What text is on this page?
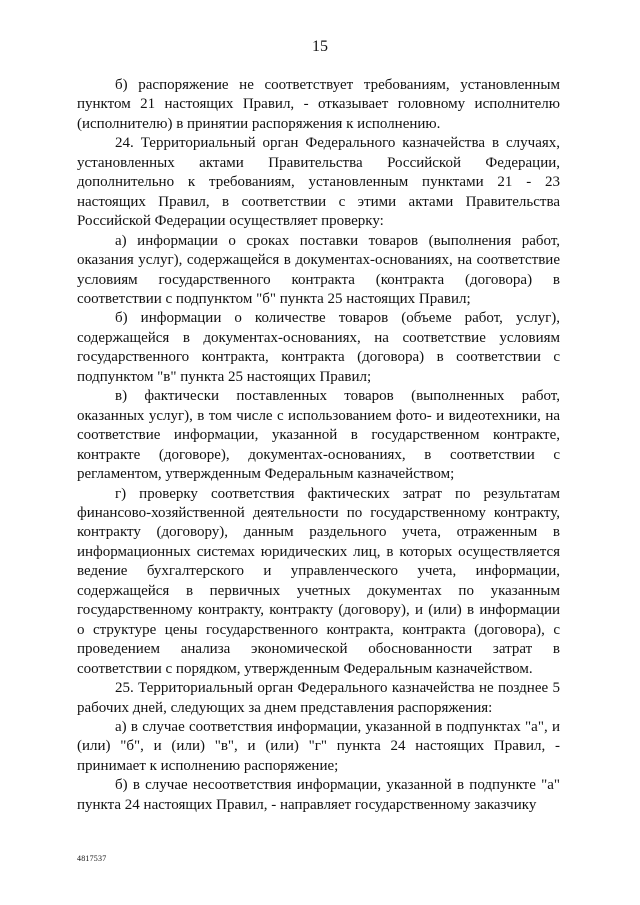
15

б) распоряжение не соответствует требованиям, установленным пунктом 21 настоящих Правил, - отказывает головному исполнителю (исполнителю) в принятии распоряжения к исполнению.

24. Территориальный орган Федерального казначейства в случаях, установленных актами Правительства Российской Федерации, дополнительно к требованиям, установленным пунктами 21 - 23 настоящих Правил, в соответствии с этими актами Правительства Российской Федерации осуществляет проверку:

а) информации о сроках поставки товаров (выполнения работ, оказания услуг), содержащейся в документах-основаниях, на соответствие условиям государственного контракта (контракта (договора) в соответствии с подпунктом "б" пункта 25 настоящих Правил;

б) информации о количестве товаров (объеме работ, услуг), содержащейся в документах-основаниях, на соответствие условиям государственного контракта, контракта (договора) в соответствии с подпунктом "в" пункта 25 настоящих Правил;

в) фактически поставленных товаров (выполненных работ, оказанных услуг), в том числе с использованием фото- и видеотехники, на соответствие информации, указанной в государственном контракте, контракте (договоре), документах-основаниях, в соответствии с регламентом, утвержденным Федеральным казначейством;

г) проверку соответствия фактических затрат по результатам финансово-хозяйственной деятельности по государственному контракту, контракту (договору), данным раздельного учета, отраженным в информационных системах юридических лиц, в которых осуществляется ведение бухгалтерского и управленческого учета, информации, содержащейся в первичных учетных документах по указанным государственному контракту, контракту (договору), и (или) в информации о структуре цены государственного контракта, контракта (договора), с проведением анализа экономической обоснованности затрат в соответствии с порядком, утвержденным Федеральным казначейством.

25. Территориальный орган Федерального казначейства не позднее 5 рабочих дней, следующих за днем представления распоряжения:

а) в случае соответствия информации, указанной в подпунктах "а", и (или) "б", и (или) "в", и (или) "г" пункта 24 настоящих Правил, - принимает к исполнению распоряжение;

б) в случае несоответствия информации, указанной в подпункте "а" пункта 24 настоящих Правил, - направляет государственному заказчику

4817537
